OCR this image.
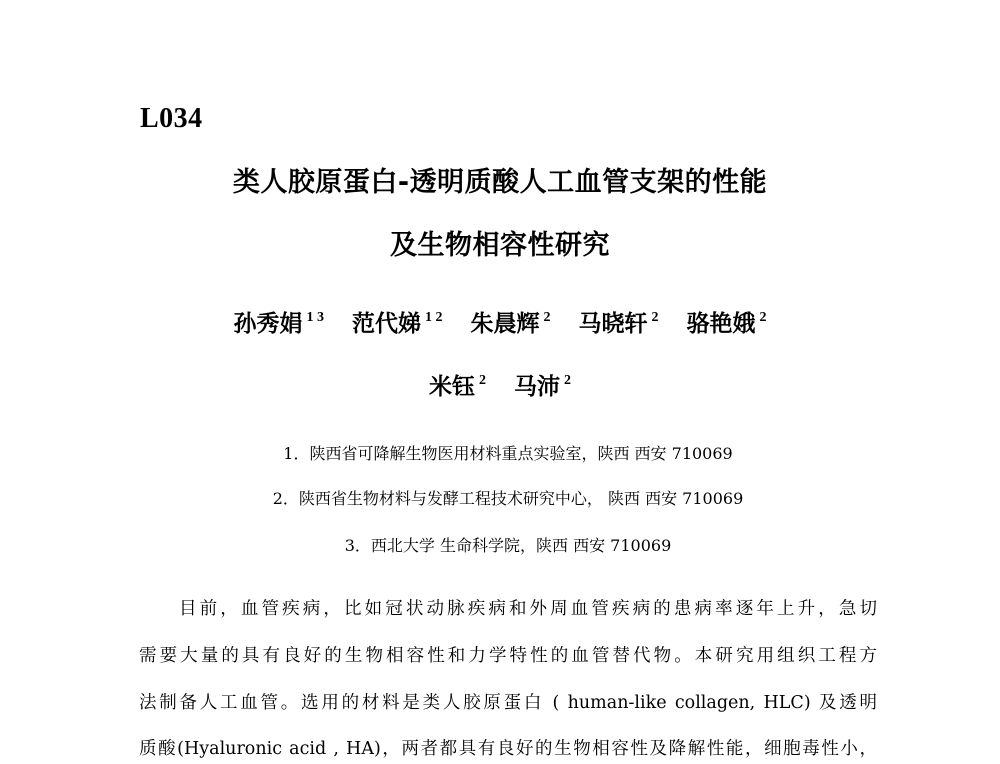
L034
类人胶原蛋白-透明质酸人工血管支架的性能
及生物相容性研究
孙秀娟 $^{1 3}$ 范代娣 $^{1 2}$ 朱晨辉 $^2$ 马晓轩 $^2$ 骆艳娥 $^2$
米钰 $^2$ 马沛 $^2$
1．陕西省可降解生物医用材料重点实验室，陕西 西安 710069
2．陕西省生物材料与发酵工程技术研究中心， 陕西 西安 710069
3．西北大学 生命科学院，陕西 西安 710069

目前，血管疾病，比如冠状动脉疾病和外周血管疾病的患病率逐年上升，急切

需要大量的具有良好的生物相容性和力学特性的血管替代物。本研究用组织工程方

法制备人工血管。选用的材料是类人胶原蛋白 ( human-like collagen, HLC) 及透明

质酸(Hyaluronic acid , HA)，两者都具有良好的生物相容性及降解性能，细胞毒性小，
